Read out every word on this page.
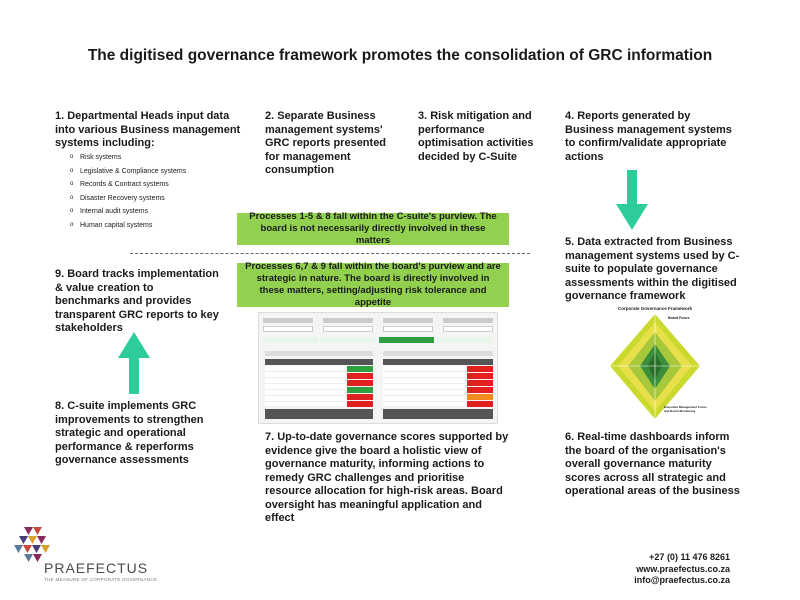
The digitised governance framework promotes the consolidation of GRC information
1. Departmental Heads input data into various Business management systems including:
o Risk systems
o Legislative & Compliance systems
o Records & Contract systems
o Disaster Recovery systems
o Internal audit systems
o Human capital systems
2. Separate Business management systems' GRC reports presented for management consumption
3. Risk mitigation and performance optimisation activities decided by C-Suite
4. Reports generated by Business management systems to confirm/validate appropriate actions
Processes 1-5 & 8 fall within the C-suite's purview. The board is not necessarily directly involved in these matters	5. Data extracted from Business management systems used by C-suite to populate governance assessments within the digitised governance framework
Processes 6,7 & 9 fall within the board's purview and are strategic in nature. The board is directly involved in these matters, setting/adjusting risk tolerance and appetite
9. Board tracks implementation & value creation to benchmarks and provides transparent GRC reports to key stakeholders
8. C-suite implements GRC improvements to strengthen strategic and operational performance & reperforms governance assessments
Corporate Governance Framework
Board Focus
Executive Management Focus and Board Monitoring
6. Real-time dashboards inform the board of the organisation's overall governance maturity scores across all strategic and operational areas of the business
7. Up-to-date governance scores supported by evidence give the board a holistic view of governance maturity, informing actions to remedy GRC challenges and prioritise resource allocation for high-risk areas. Board oversight has meaningful application and effect
PRAEFECTUS
THE MEASURE OF CORPORATE GOVERNANCE
+27 (0) 11 476 8261
www.praefectus.co.za
info@praefectus.co.za
